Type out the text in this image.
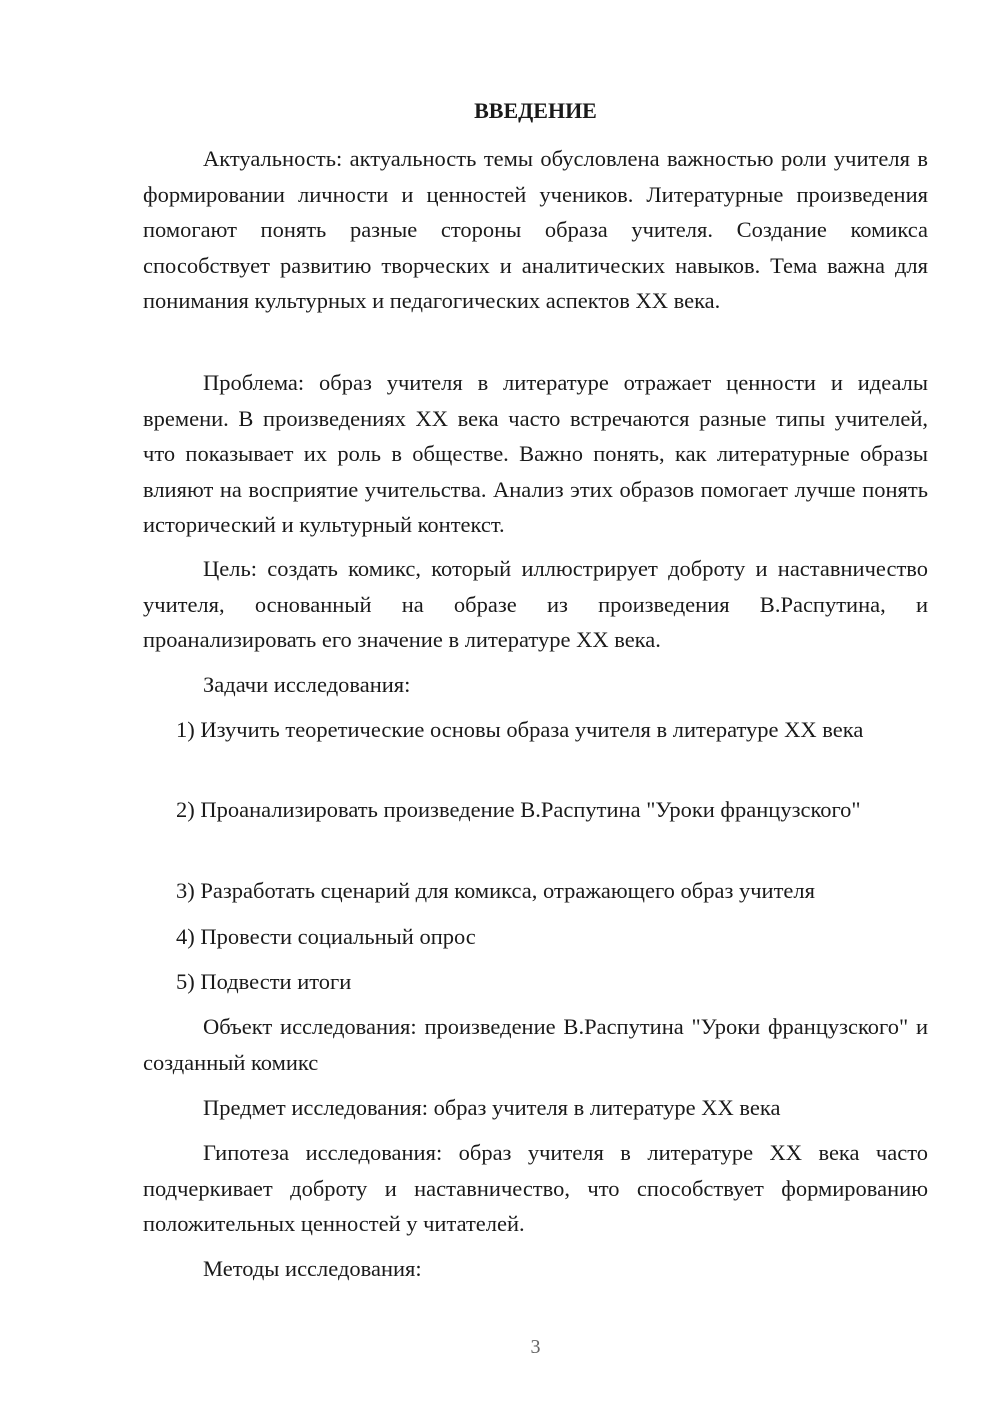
ВВЕДЕНИЕ

Актуальность: актуальность темы обусловлена важностью роли учителя в формировании личности и ценностей учеников. Литературные произведения помогают понять разные стороны образа учителя. Создание комикса способствует развитию творческих и аналитических навыков. Тема важна для понимания культурных и педагогических аспектов XX века.

Проблема: образ учителя в литературе отражает ценности и идеалы времени. В произведениях XX века часто встречаются разные типы учителей, что показывает их роль в обществе. Важно понять, как литературные образы влияют на восприятие учительства. Анализ этих образов помогает лучше понять исторический и культурный контекст.

Цель: создать комикс, который иллюстрирует доброту и наставничество учителя, основанный на образе из произведения В.Распутина, и проанализировать его значение в литературе XX века.

Задачи исследования:

1) Изучить теоретические основы образа учителя в литературе XX века

2) Проанализировать произведение В.Распутина "Уроки французского"

3) Разработать сценарий для комикса, отражающего образ учителя

4) Провести социальный опрос

5) Подвести итоги

Объект исследования: произведение В.Распутина "Уроки французского" и созданный комикс

Предмет исследования: образ учителя в литературе XX века

Гипотеза исследования: образ учителя в литературе XX века часто подчеркивает доброту и наставничество, что способствует формированию положительных ценностей у читателей.

Методы исследования:

3
